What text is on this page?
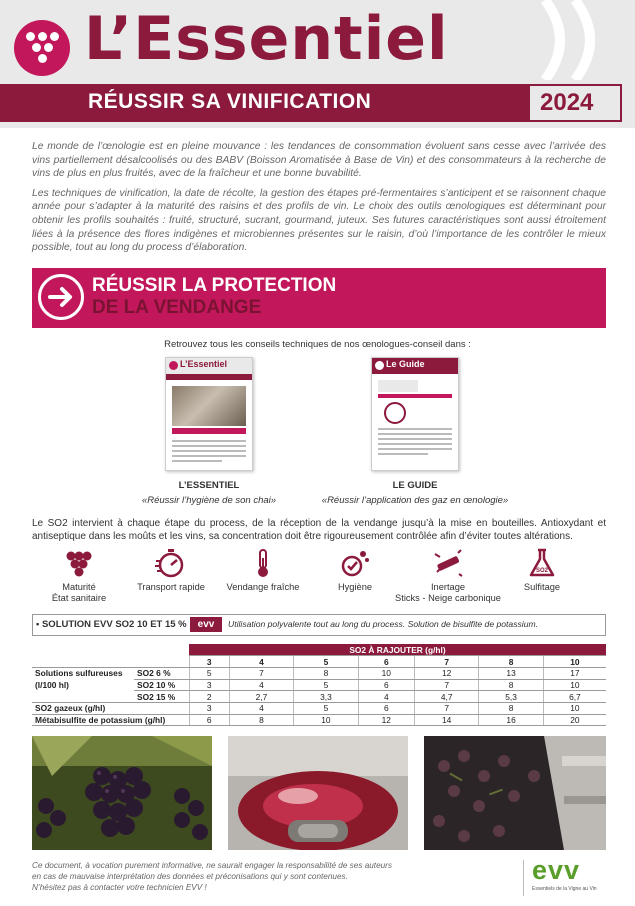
L’Essentiel
RÉUSSIR SA VINIFICATION	2024

Le monde de l’œnologie est en pleine mouvance : les tendances de consommation évoluent sans cesse avec l’arrivée des vins partiellement désalcoolisés ou des BABV (Boisson Aromatisée à Base de Vin) et des consommateurs à la recherche de vins de plus en plus fruités, avec de la fraîcheur et une bonne buvabilité.

Les techniques de vinification, la date de récolte, la gestion des étapes pré-fermentaires s’anticipent et se raisonnent chaque année pour s’adapter à la maturité des raisins et des profils de vin. Le choix des outils œnologiques est déterminant pour obtenir les profils souhaités : fruité, structuré, sucrant, gourmand, juteux. Ses futures caractéristiques sont aussi étroitement liées à la présence des flores indigènes et microbiennes présentes sur le raisin, d’où l’importance de les contrôler le mieux possible, tout au long du process d’élaboration.

RÉUSSIR LA PROTECTION
DE LA VENDANGE
Retrouvez tous les conseils techniques de nos œnologues-conseil dans :
L’Essentiel	Le Guide
L’ESSENTIEL
«Réussir l’hygiène de son chai»
LE GUIDE
«Réussir l’application des gaz en œnologie»
Le SO2 intervient à chaque étape du process, de la réception de la vendange jusqu’à la mise en bouteilles. Antioxydant et antiseptique dans les moûts et les vins, sa concentration doit être rigoureusement contrôlée afin d’éviter toutes altérations.
Maturité
État sanitaire
Transport rapide	Vendange fraîche	Hygiène	Inertage
Sticks - Neige carbonique
SO2
Sulfitage
• SOLUTION EVV SO2 10 ET 15 %	evv	Utilisation polyvalente tout au long du process. Solution de bisulfite de potassium.
		SO2 À RAJOUTER (g/hl)						
		3	4	5	6	7	8	10
Solutions sulfureuses	SO2 6 %	5	7	8	10	12	13	17
(l/100 hl)	SO2 10 %	3	4	5	6	7	8	10
	SO2 15 %	2	2,7	3,3	4	4,7	5,3	6,7
SO2 gazeux (g/hl)		3	4	5	6	7	8	10
Métabisulfite de potassium (g/hl)		6	8	10	12	14	16	20
Ce document, à vocation purement informative, ne saurait engager la responsabilité de ses auteurs
en cas de mauvaise interprétation des données et préconisations qui y sont contenues.
N’hésitez pas à contacter votre technicien EVV !
evv
Essentiels de la Vigne au Vin
